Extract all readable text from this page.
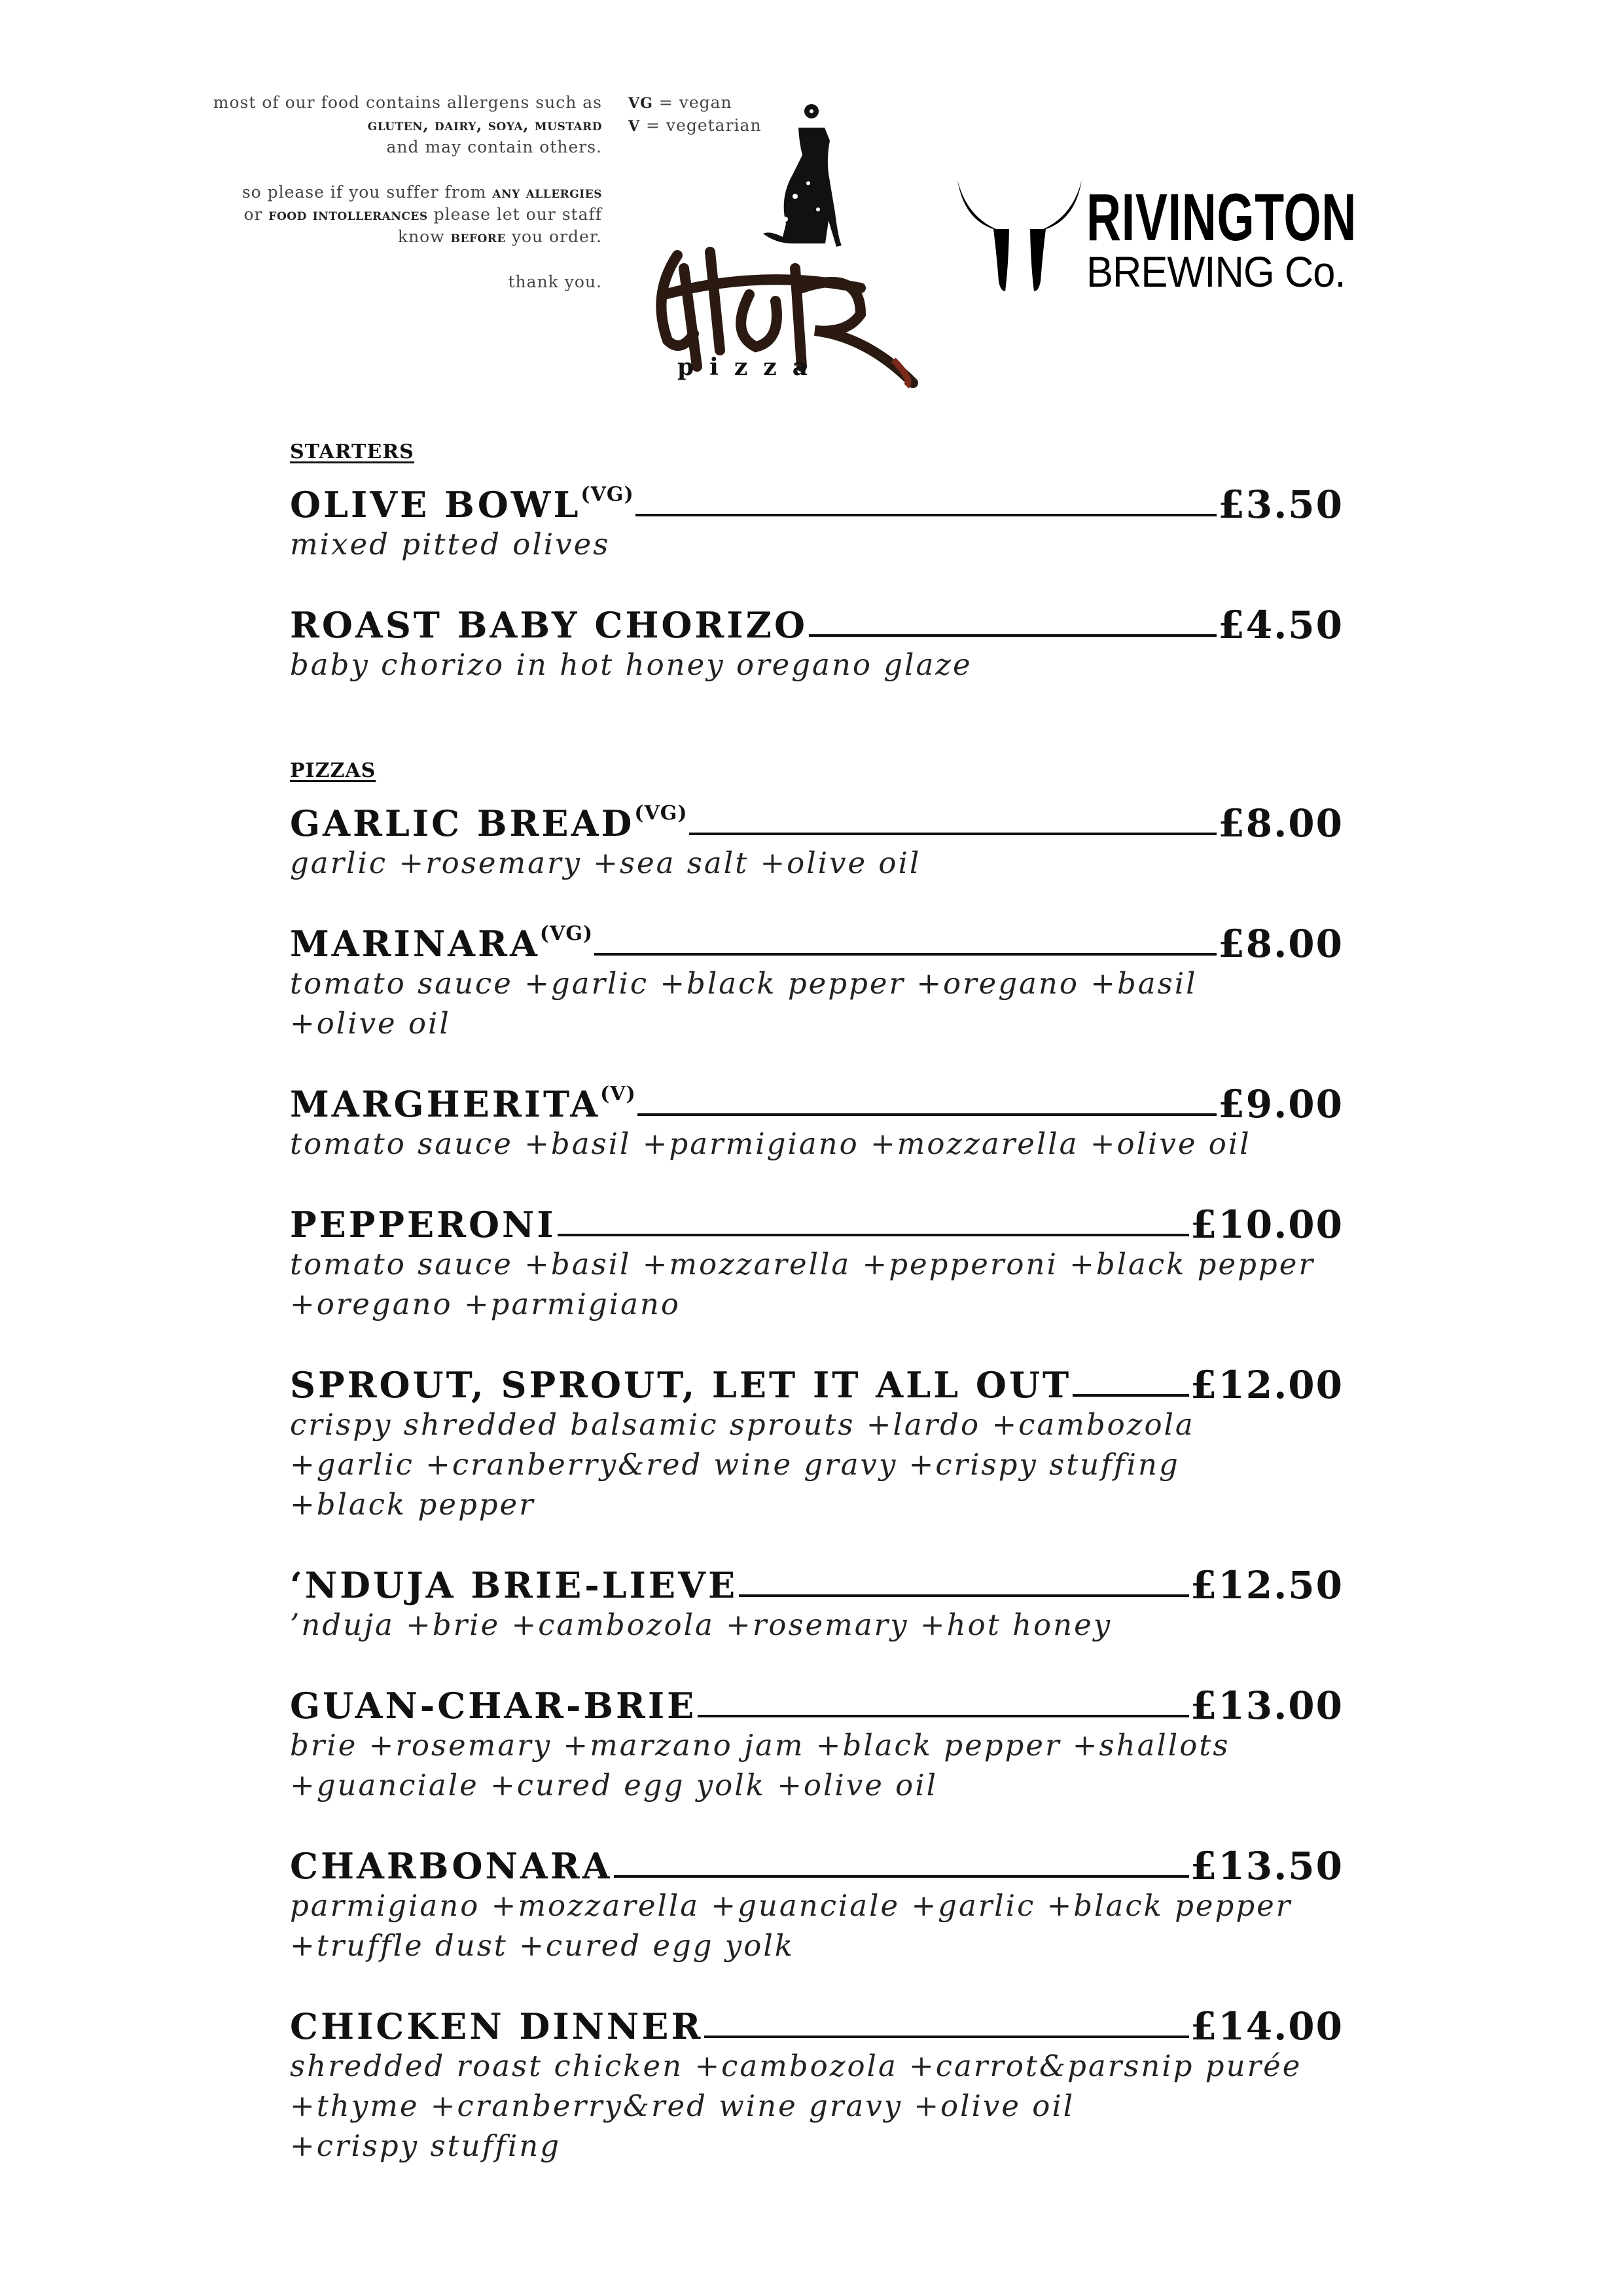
most of our food contains allergens such as
gluten, dairy, soya, mustard
and may contain others.
so please if you suffer from any allergies
or food intollerances please let our staff
know before you order.
thank you.
VG = vegan
V = vegetarian
pizza
RIVINGTON
BREWING Co.
STARTERS
OLIVE $BOWL^{(VG)}$	£3.50
mixed pitted olives
ROAST BABY CHORIZO	£4.50
baby chorizo in hot honey oregano glaze
PIZZAS
GARLIC $BREAD^{(VG)}$	£8.00
garlic +rosemary +sea salt +olive oil
$MARINARA^{(VG)}$	£8.00
tomato sauce +garlic +black pepper +oregano +basil
+olive oil
$MARGHERITA^{(V)}$	£9.00
tomato sauce +basil +parmigiano +mozzarella +olive oil
PEPPERONI	£10.00
tomato sauce +basil +mozzarella +pepperoni +black pepper
+oregano +parmigiano
SPROUT, SPROUT, LET IT ALL OUT	£12.00
crispy shredded balsamic sprouts +lardo +cambozola
+garlic +cranberry&red wine gravy +crispy stuffing
+black pepper
‘NDUJA BRIE-LIEVE	£12.50
’nduja +brie +cambozola +rosemary +hot honey
GUAN-CHAR-BRIE	£13.00
brie +rosemary +marzano jam +black pepper +shallots
+guanciale +cured egg yolk +olive oil
CHARBONARA	£13.50
parmigiano +mozzarella +guanciale +garlic +black pepper
+truffle dust +cured egg yolk
CHICKEN DINNER	£14.00
shredded roast chicken +cambozola +carrot&parsnip purée
+thyme +cranberry&red wine gravy +olive oil
+crispy stuffing
